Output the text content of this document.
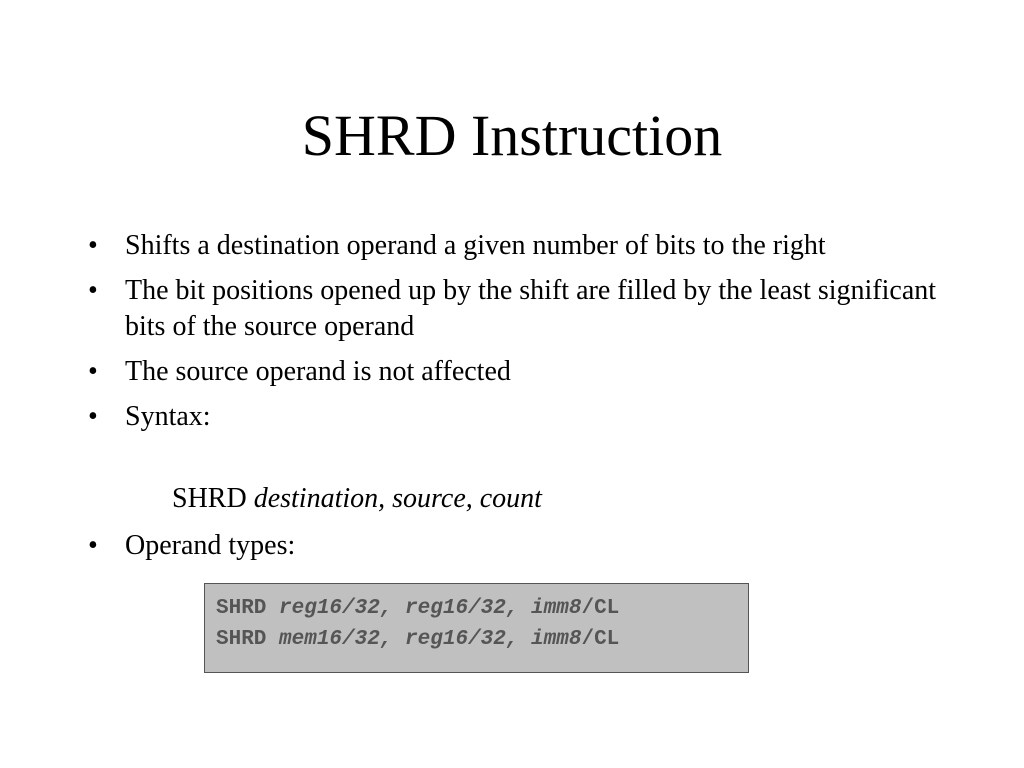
SHRD Instruction
• Shifts a destination operand a given number of bits to the right
• The bit positions opened up by the shift are filled by the least significant bits of the source operand
• The source operand is not affected
• Syntax:
SHRD destination, source, count
• Operand types:
SHRD reg16/32, reg16/32, imm8/CL
SHRD mem16/32, reg16/32, imm8/CL
